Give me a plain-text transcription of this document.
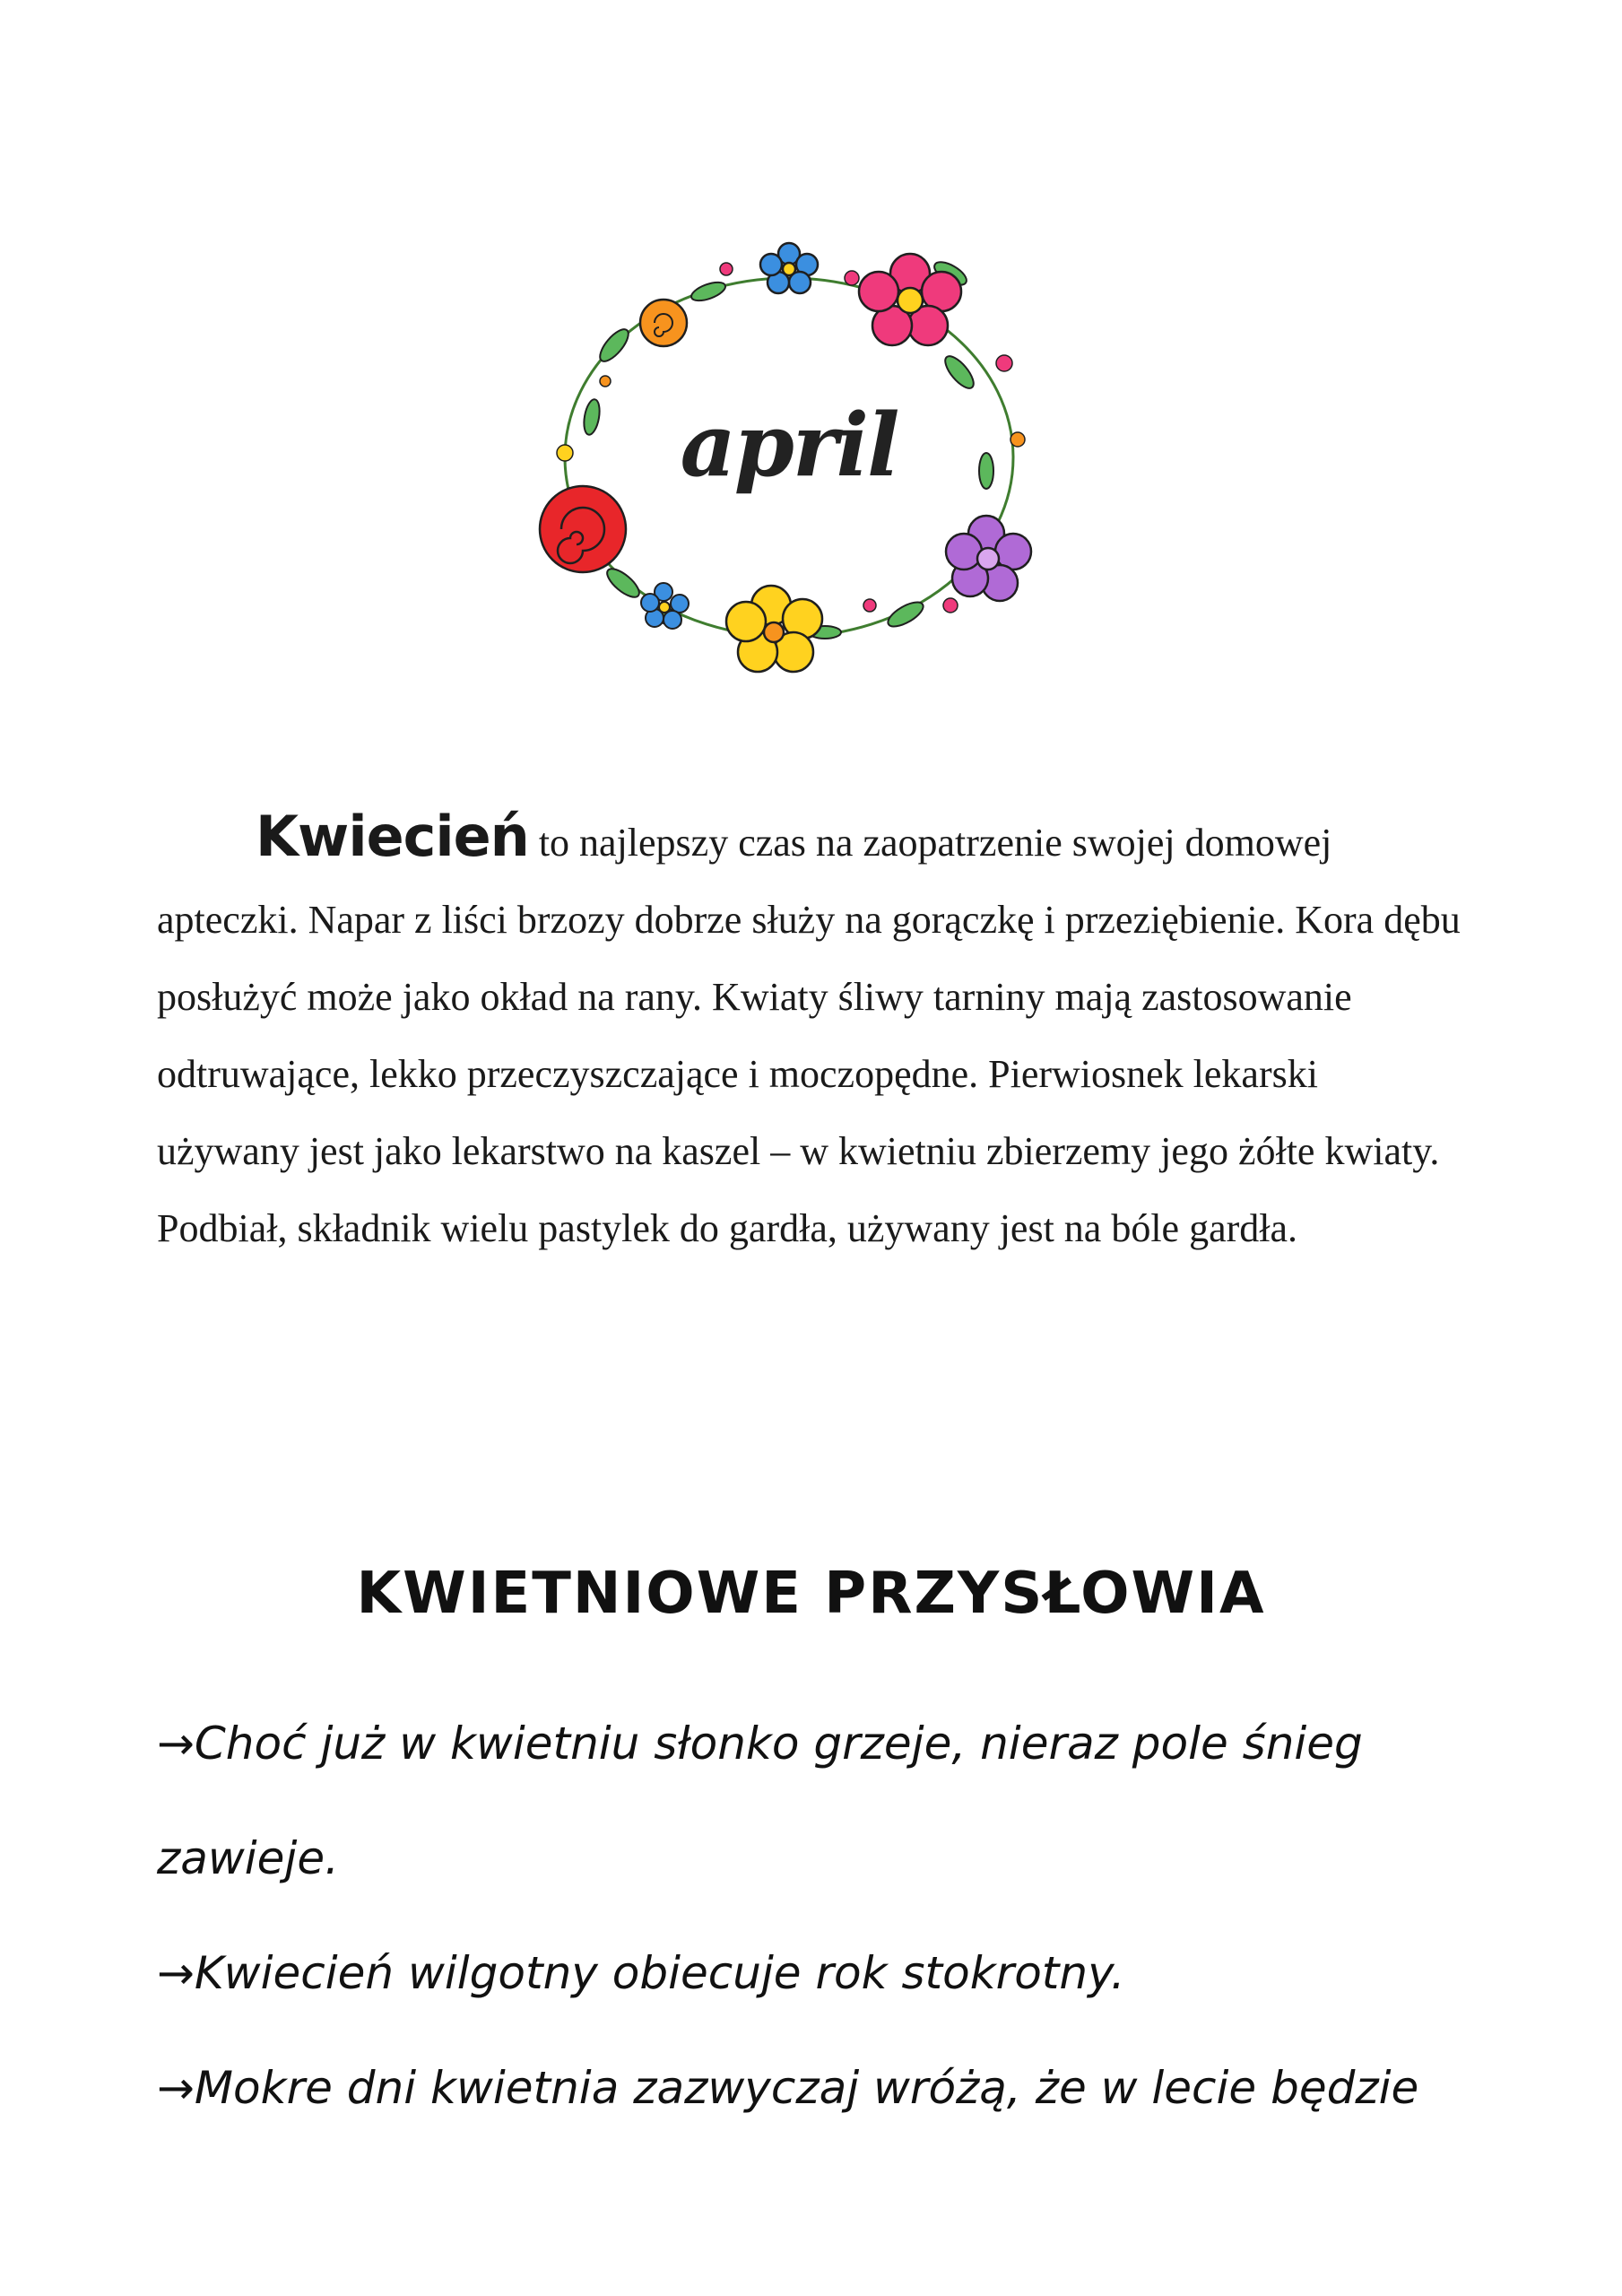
april

Kwiecień to najlepszy czas na zaopatrzenie swojej domowej apteczki. Napar z liści brzozy dobrze służy na gorączkę i przeziębienie. Kora dębu posłużyć może jako okład na rany. Kwiaty śliwy tarniny mają zastosowanie odtruwające, lekko przeczyszczające i moczopędne. Pierwiosnek lekarski używany jest jako lekarstwo na kaszel – w kwietniu zbierzemy jego żółte kwiaty. Podbiał, składnik wielu pastylek do gardła, używany jest na bóle gardła.

KWIETNIOWE PRZYSŁOWIA
→Choć już w kwietniu słonko grzeje, nieraz pole śnieg zawieje.
→Kwiecień wilgotny obiecuje rok stokrotny.
→Mokre dni kwietnia zazwyczaj wróżą, że w lecie będzie
